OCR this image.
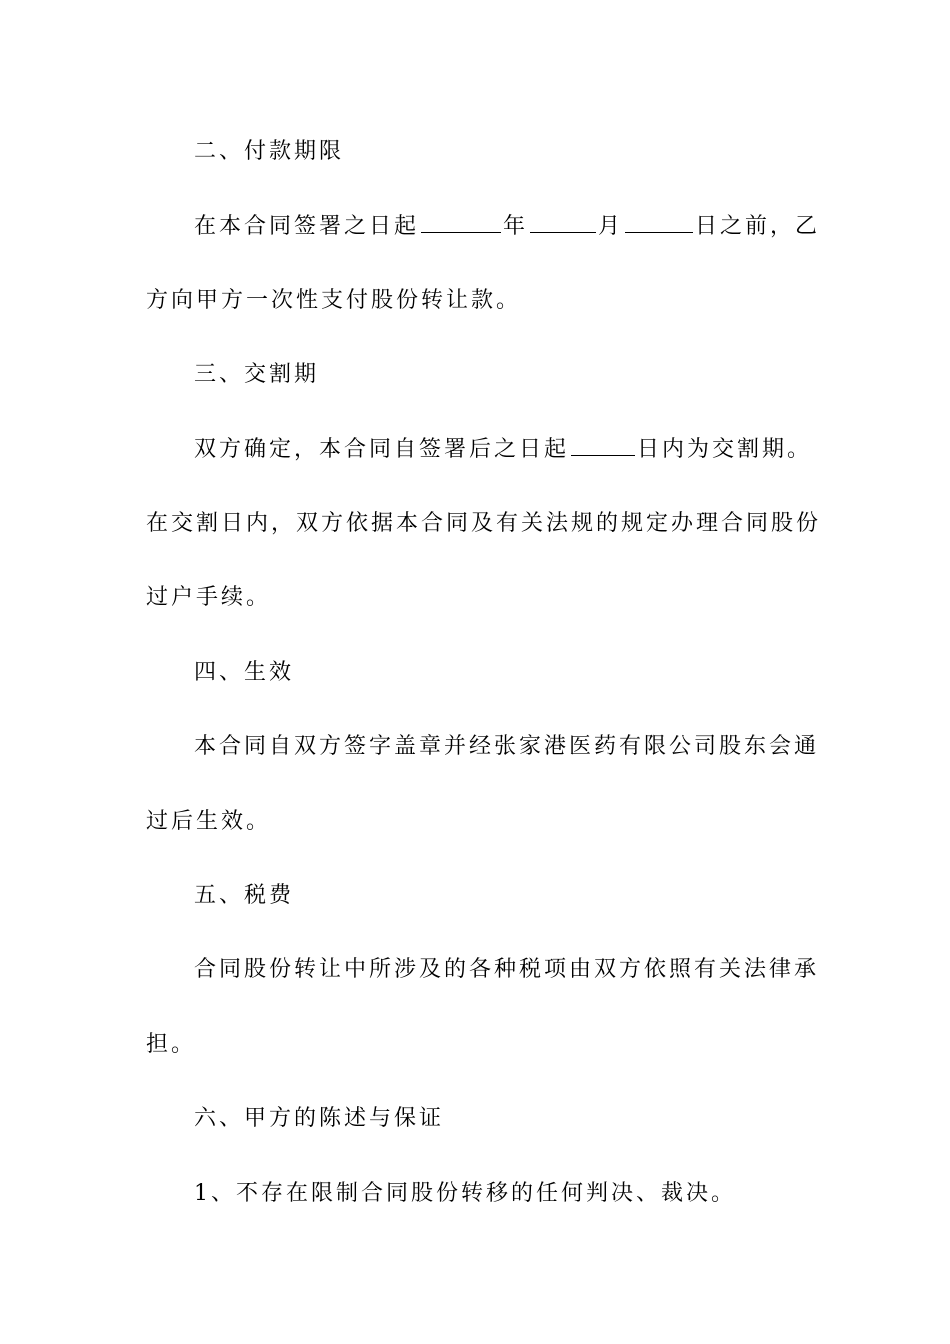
二、付款期限
在本合同签署之日起	年	月	日之前，乙
方向甲方一次性支付股份转让款。
三、交割期
双方确定，本合同自签署后之日起	日内为交割期。
在交割日内，双方依据本合同及有关法规的规定办理合同股份
过户手续。
四、生效
本合同自双方签字盖章并经张家港医药有限公司股东会通
过后生效。
五、税费
合同股份转让中所涉及的各种税项由双方依照有关法律承
担。
六、甲方的陈述与保证
1、不存在限制合同股份转移的任何判决、裁决。
